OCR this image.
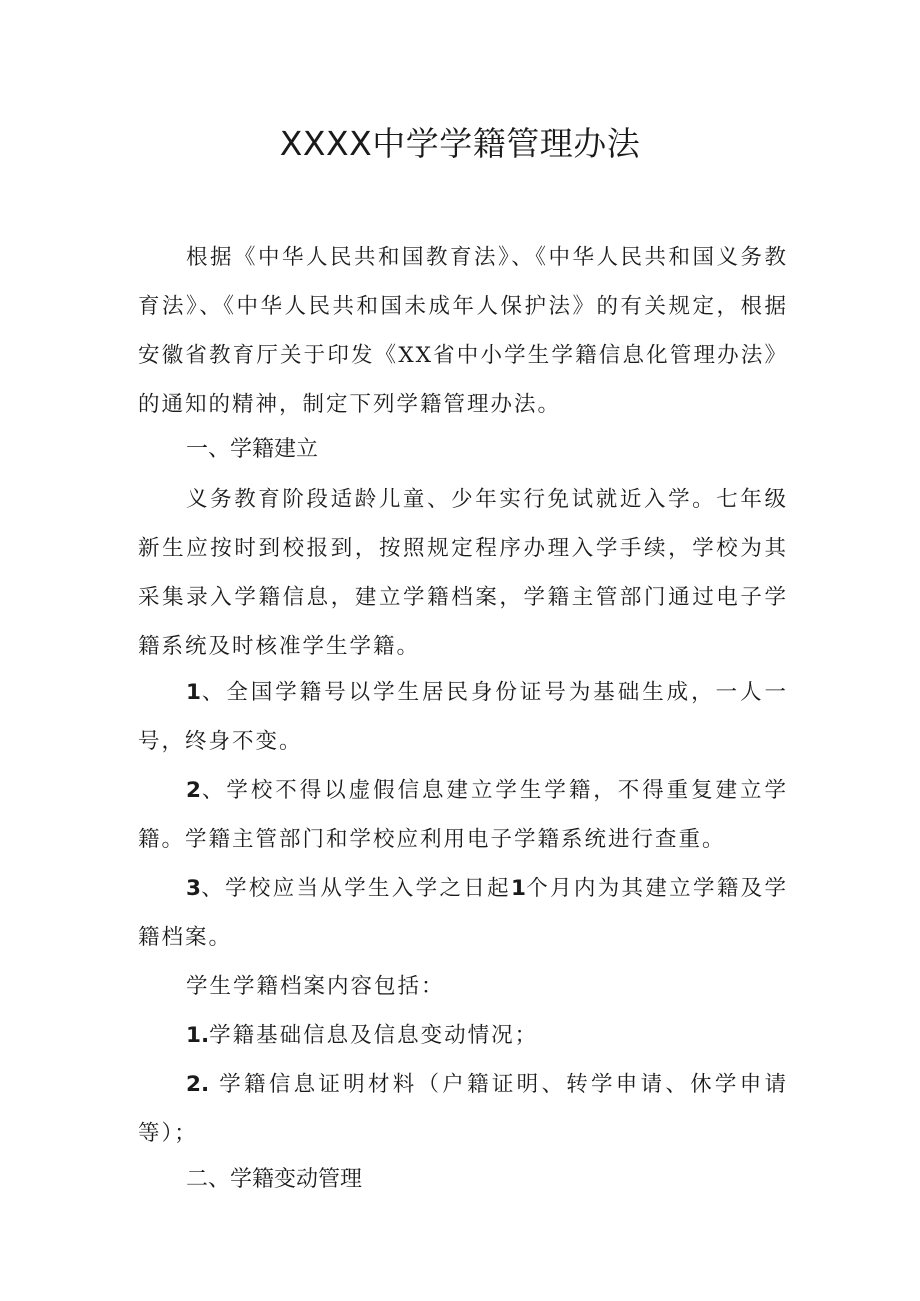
XXXX中学学籍管理办法

根据《中华人民共和国教育法》、《中华人民共和国义务教育法》、《中华人民共和国未成年人保护法》的有关规定，根据安徽省教育厅关于印发《XX省中小学生学籍信息化管理办法》的通知的精神，制定下列学籍管理办法。

一、学籍建立

义务教育阶段适龄儿童、少年实行免试就近入学。七年级新生应按时到校报到，按照规定程序办理入学手续，学校为其采集录入学籍信息，建立学籍档案，学籍主管部门通过电子学籍系统及时核准学生学籍。

1、全国学籍号以学生居民身份证号为基础生成，一人一号，终身不变。

2、学校不得以虚假信息建立学生学籍，不得重复建立学籍。学籍主管部门和学校应利用电子学籍系统进行查重。

3、学校应当从学生入学之日起1个月内为其建立学籍及学籍档案。

学生学籍档案内容包括：

1.学籍基础信息及信息变动情况；

2. 学籍信息证明材料（户籍证明、转学申请、休学申请等）；

二、学籍变动管理
